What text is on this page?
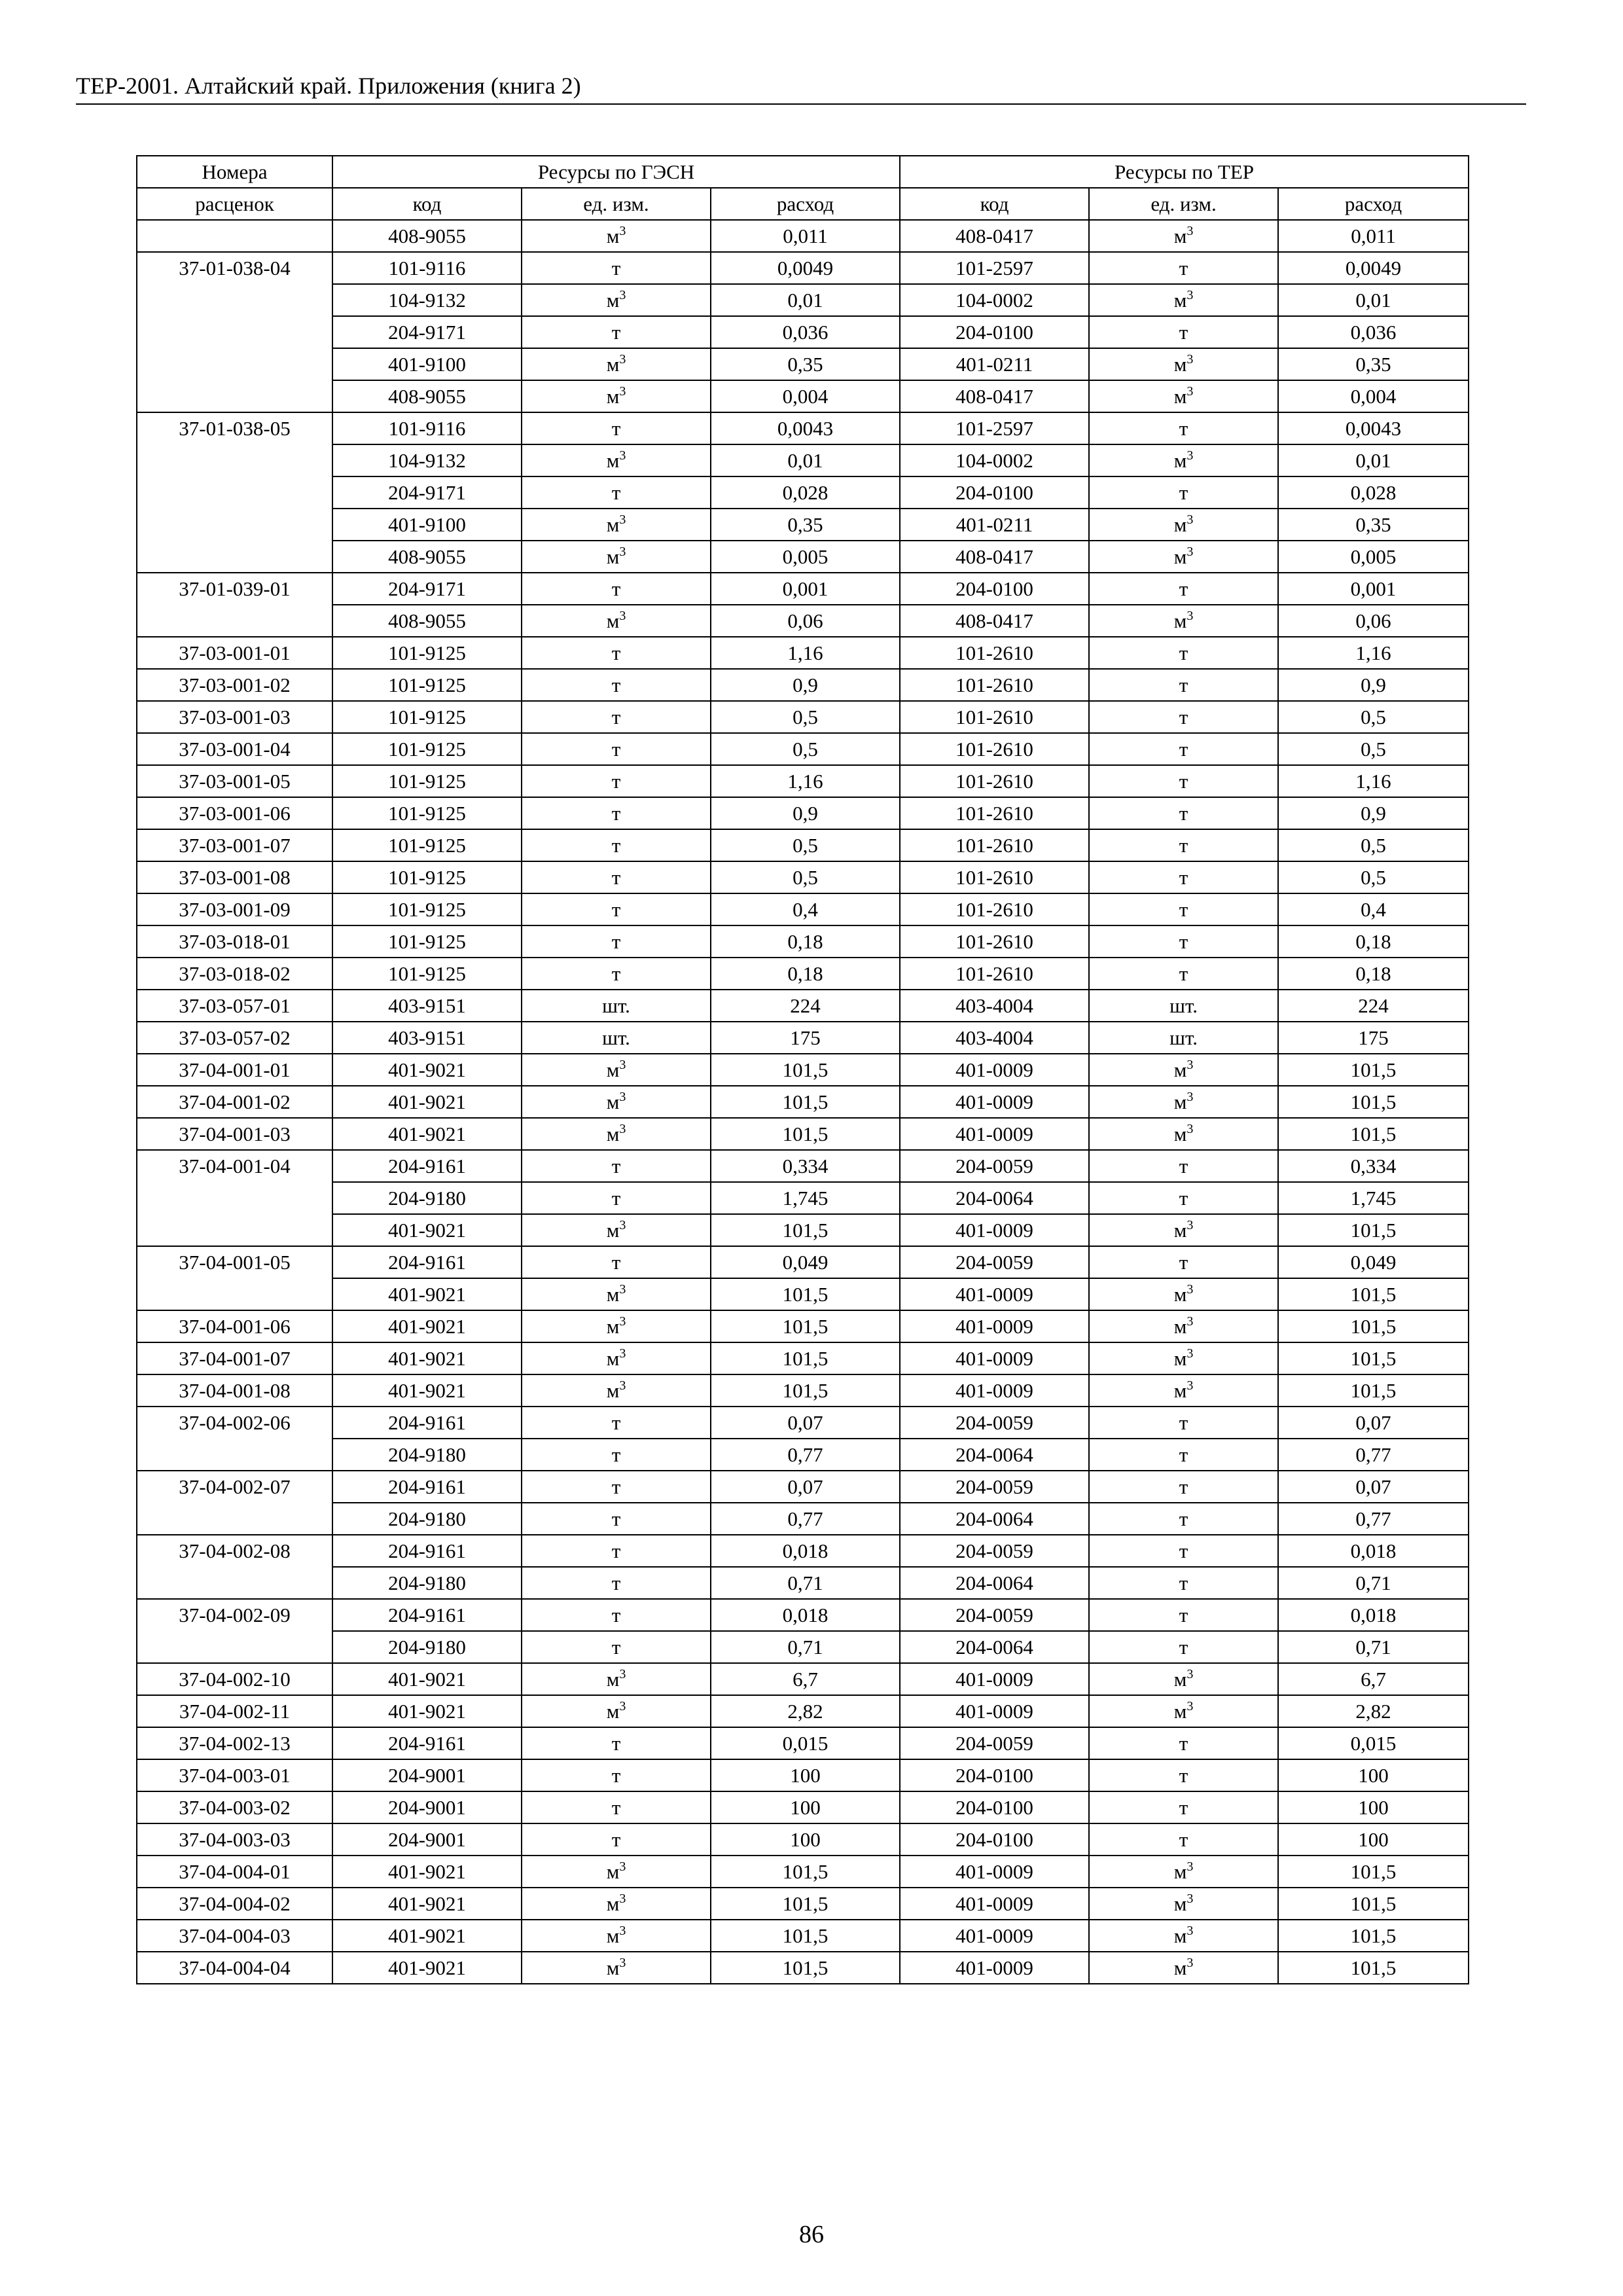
ТЕР-2001. Алтайский край. Приложения (книга 2)
Номера	Ресурсы по ГЭСН			Ресурсы по ТЕР		
расценок	код	ед. изм.	расход	код	ед. изм.	расход
	408-9055	$м^3$	0,011	408-0417	$м^3$	0,011
37-01-038-04	101-9116	т	0,0049	101-2597	т	0,0049
	104-9132	$м^3$	0,01	104-0002	$м^3$	0,01
	204-9171	т	0,036	204-0100	т	0,036
	401-9100	$м^3$	0,35	401-0211	$м^3$	0,35
	408-9055	$м^3$	0,004	408-0417	$м^3$	0,004
37-01-038-05	101-9116	т	0,0043	101-2597	т	0,0043
	104-9132	$м^3$	0,01	104-0002	$м^3$	0,01
	204-9171	т	0,028	204-0100	т	0,028
	401-9100	$м^3$	0,35	401-0211	$м^3$	0,35
	408-9055	$м^3$	0,005	408-0417	$м^3$	0,005
37-01-039-01	204-9171	т	0,001	204-0100	т	0,001
	408-9055	$м^3$	0,06	408-0417	$м^3$	0,06
37-03-001-01	101-9125	т	1,16	101-2610	т	1,16
37-03-001-02	101-9125	т	0,9	101-2610	т	0,9
37-03-001-03	101-9125	т	0,5	101-2610	т	0,5
37-03-001-04	101-9125	т	0,5	101-2610	т	0,5
37-03-001-05	101-9125	т	1,16	101-2610	т	1,16
37-03-001-06	101-9125	т	0,9	101-2610	т	0,9
37-03-001-07	101-9125	т	0,5	101-2610	т	0,5
37-03-001-08	101-9125	т	0,5	101-2610	т	0,5
37-03-001-09	101-9125	т	0,4	101-2610	т	0,4
37-03-018-01	101-9125	т	0,18	101-2610	т	0,18
37-03-018-02	101-9125	т	0,18	101-2610	т	0,18
37-03-057-01	403-9151	шт.	224	403-4004	шт.	224
37-03-057-02	403-9151	шт.	175	403-4004	шт.	175
37-04-001-01	401-9021	$м^3$	101,5	401-0009	$м^3$	101,5
37-04-001-02	401-9021	$м^3$	101,5	401-0009	$м^3$	101,5
37-04-001-03	401-9021	$м^3$	101,5	401-0009	$м^3$	101,5
37-04-001-04	204-9161	т	0,334	204-0059	т	0,334
	204-9180	т	1,745	204-0064	т	1,745
	401-9021	$м^3$	101,5	401-0009	$м^3$	101,5
37-04-001-05	204-9161	т	0,049	204-0059	т	0,049
	401-9021	$м^3$	101,5	401-0009	$м^3$	101,5
37-04-001-06	401-9021	$м^3$	101,5	401-0009	$м^3$	101,5
37-04-001-07	401-9021	$м^3$	101,5	401-0009	$м^3$	101,5
37-04-001-08	401-9021	$м^3$	101,5	401-0009	$м^3$	101,5
37-04-002-06	204-9161	т	0,07	204-0059	т	0,07
	204-9180	т	0,77	204-0064	т	0,77
37-04-002-07	204-9161	т	0,07	204-0059	т	0,07
	204-9180	т	0,77	204-0064	т	0,77
37-04-002-08	204-9161	т	0,018	204-0059	т	0,018
	204-9180	т	0,71	204-0064	т	0,71
37-04-002-09	204-9161	т	0,018	204-0059	т	0,018
	204-9180	т	0,71	204-0064	т	0,71
37-04-002-10	401-9021	$м^3$	6,7	401-0009	$м^3$	6,7
37-04-002-11	401-9021	$м^3$	2,82	401-0009	$м^3$	2,82
37-04-002-13	204-9161	т	0,015	204-0059	т	0,015
37-04-003-01	204-9001	т	100	204-0100	т	100
37-04-003-02	204-9001	т	100	204-0100	т	100
37-04-003-03	204-9001	т	100	204-0100	т	100
37-04-004-01	401-9021	$м^3$	101,5	401-0009	$м^3$	101,5
37-04-004-02	401-9021	$м^3$	101,5	401-0009	$м^3$	101,5
37-04-004-03	401-9021	$м^3$	101,5	401-0009	$м^3$	101,5
37-04-004-04	401-9021	$м^3$	101,5	401-0009	$м^3$	101,5
86
